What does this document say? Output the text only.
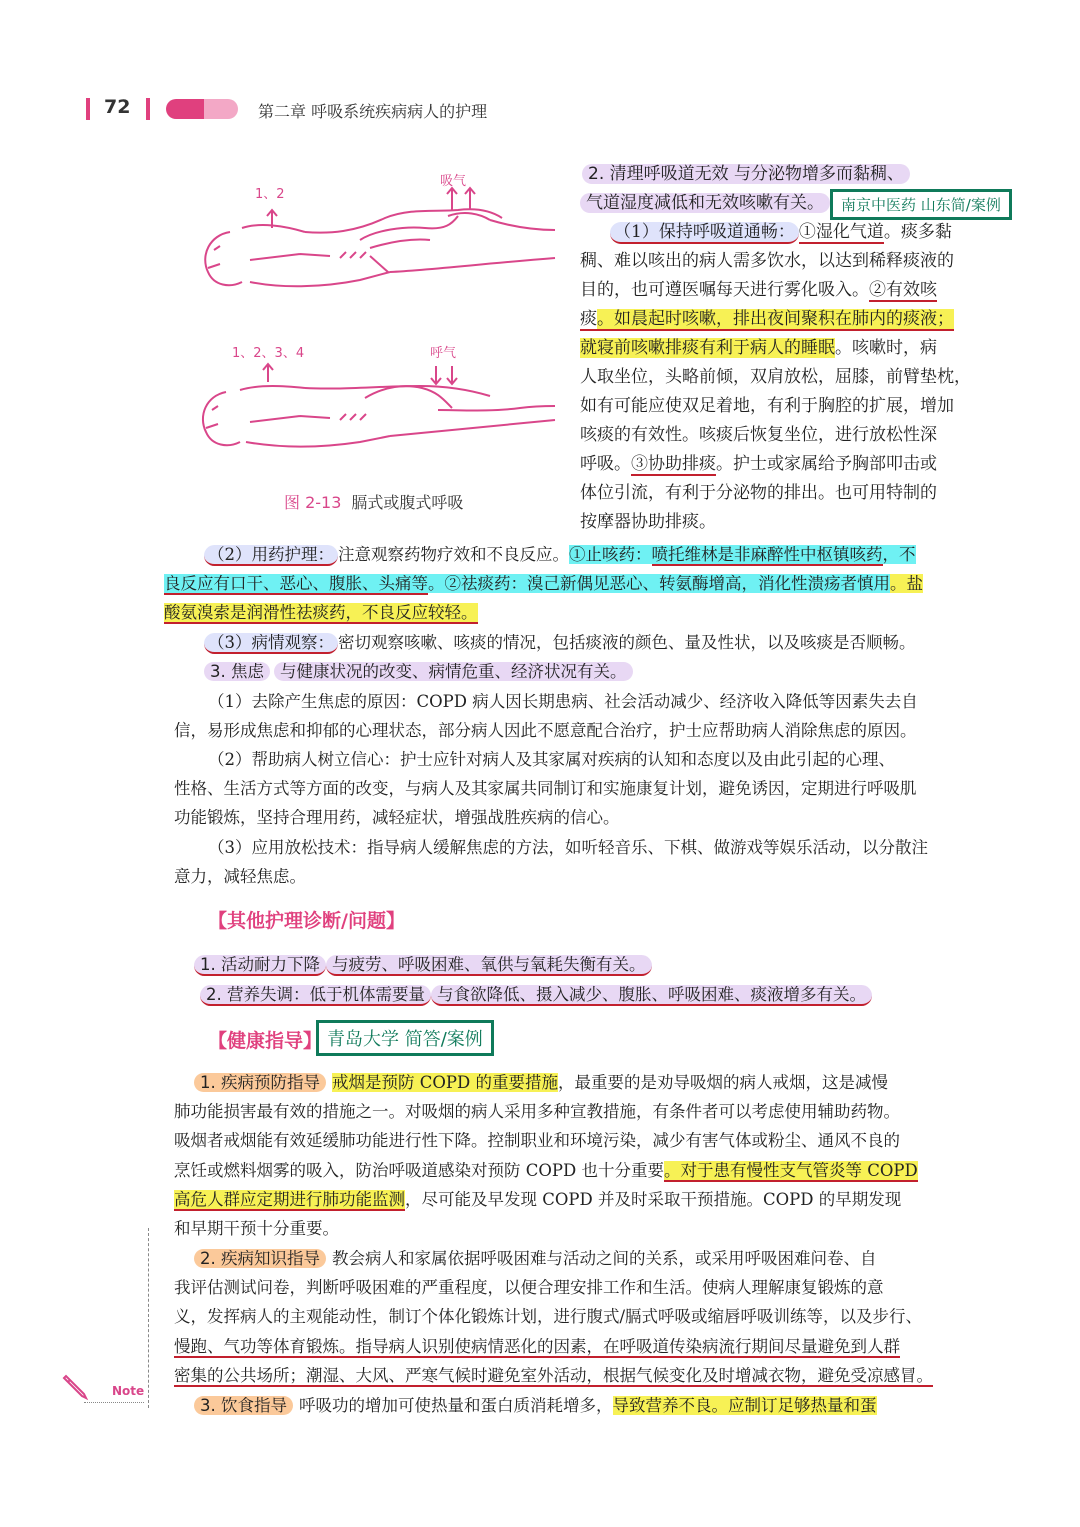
72	第二章 呼吸系统疾病病人的护理
1、2
吸气
1、2、3、4	呼气
图 2-13 膈式或腹式呼吸
2. 清理呼吸道无效 与分泌物增多而黏稠、
气道湿度减低和无效咳嗽有关。	南京中医药 山东简/案例
（1）保持呼吸道通畅： ①湿化气道。痰多黏
稠、难以咳出的病人需多饮水，以达到稀释痰液的
目的，也可遵医嘱每天进行雾化吸入。②有效咳
痰。如晨起时咳嗽，排出夜间聚积在肺内的痰液；
就寝前咳嗽排痰有利于病人的睡眠。咳嗽时，病
人取坐位，头略前倾，双肩放松，屈膝，前臂垫枕，
如有可能应使双足着地，有利于胸腔的扩展，增加
咳痰的有效性。咳痰后恢复坐位，进行放松性深
呼吸。③协助排痰。护士或家属给予胸部叩击或
体位引流，有利于分泌物的排出。也可用特制的
按摩器协助排痰。
（2）用药护理： 注意观察药物疗效和不良反应。①止咳药：喷托维林是非麻醉性中枢镇咳药，不
良反应有口干、恶心、腹胀、头痛等。②祛痰药：溴己新偶见恶心、转氨酶增高，消化性溃疡者慎用。盐
酸氨溴索是润滑性祛痰药，不良反应较轻。
（3）病情观察： 密切观察咳嗽、咳痰的情况，包括痰液的颜色、量及性状，以及咳痰是否顺畅。
3. 焦虑 与健康状况的改变、病情危重、经济状况有关。
（1）去除产生焦虑的原因：COPD 病人因长期患病、社会活动减少、经济收入降低等因素失去自
信，易形成焦虑和抑郁的心理状态，部分病人因此不愿意配合治疗，护士应帮助病人消除焦虑的原因。
（2）帮助病人树立信心：护士应针对病人及其家属对疾病的认知和态度以及由此引起的心理、
性格、生活方式等方面的改变，与病人及其家属共同制订和实施康复计划，避免诱因，定期进行呼吸肌
功能锻炼，坚持合理用药，减轻症状，增强战胜疾病的信心。
（3）应用放松技术：指导病人缓解焦虑的方法，如听轻音乐、下棋、做游戏等娱乐活动，以分散注
意力，减轻焦虑。
【其他护理诊断/问题】
1. 活动耐力下降 与疲劳、呼吸困难、氧供与氧耗失衡有关。
2. 营养失调：低于机体需要量 与食欲降低、摄入减少、腹胀、呼吸困难、痰液增多有关。
【健康指导】 青岛大学 简答/案例
1. 疾病预防指导 戒烟是预防 COPD 的重要措施，最重要的是劝导吸烟的病人戒烟，这是减慢
肺功能损害最有效的措施之一。对吸烟的病人采用多种宣教措施，有条件者可以考虑使用辅助药物。
吸烟者戒烟能有效延缓肺功能进行性下降。控制职业和环境污染，减少有害气体或粉尘、通风不良的
烹饪或燃料烟雾的吸入，防治呼吸道感染对预防 COPD 也十分重要。对于患有慢性支气管炎等 COPD
高危人群应定期进行肺功能监测，尽可能及早发现 COPD 并及时采取干预措施。COPD 的早期发现
和早期干预十分重要。
2. 疾病知识指导 教会病人和家属依据呼吸困难与活动之间的关系，或采用呼吸困难问卷、自
我评估测试问卷，判断呼吸困难的严重程度，以便合理安排工作和生活。使病人理解康复锻炼的意
义，发挥病人的主观能动性，制订个体化锻炼计划，进行腹式/膈式呼吸或缩唇呼吸训练等，以及步行、
慢跑、气功等体育锻炼。指导病人识别使病情恶化的因素，在呼吸道传染病流行期间尽量避免到人群
密集的公共场所；潮湿、大风、严寒气候时避免室外活动，根据气候变化及时增减衣物，避免受凉感冒。
3. 饮食指导 呼吸功的增加可使热量和蛋白质消耗增多，导致营养不良。应制订足够热量和蛋
Note
